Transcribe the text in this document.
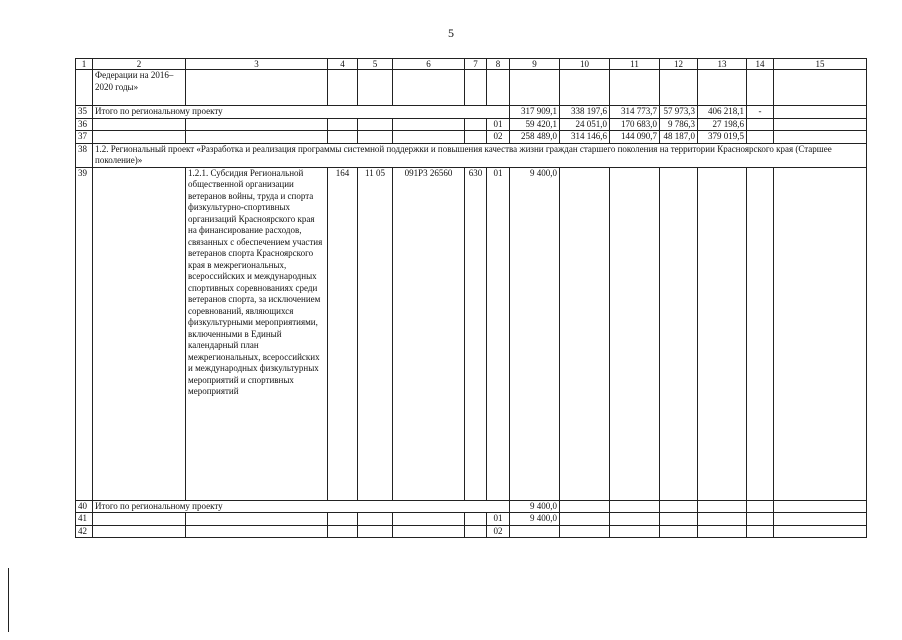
5
1	2	3	4	5	6	7	8	9	10	11	12	13	14	15
	Федерации на 2016–2020 годы»													
35	Итого по региональному проекту							317 909,1	338 197,6	314 773,7	57 973,3	406 218,1	-	
36							01	59 420,1	24 051,0	170 683,0	9 786,3	27 198,6		
37							02	258 489,0	314 146,6	144 090,7	48 187,0	379 019,5		
38	1.2. Региональный проект «Разработка и реализация программы системной поддержки и повышения качества жизни граждан старшего поколения на территории Красноярского края (Старшее поколение)»													
39		1.2.1. Субсидия Региональной общественной организации ветеранов войны, труда и спорта физкультурно-спортивных организаций Красноярского края на финансирование расходов, связанных с обеспечением участия ветеранов спорта Красноярского края в межрегиональных, всероссийских и международных спортивных соревнованиях среди ветеранов спорта, за исключением соревнований, являющихся физкультурными мероприятиями, включенными в Единый календарный план межрегиональных, всероссийских и международных физкультурных мероприятий и спортивных мероприятий	164	11 05	091Р3 26560	630	01	9 400,0						
40	Итого по региональному проекту							9 400,0						
41							01	9 400,0						
42							02							
